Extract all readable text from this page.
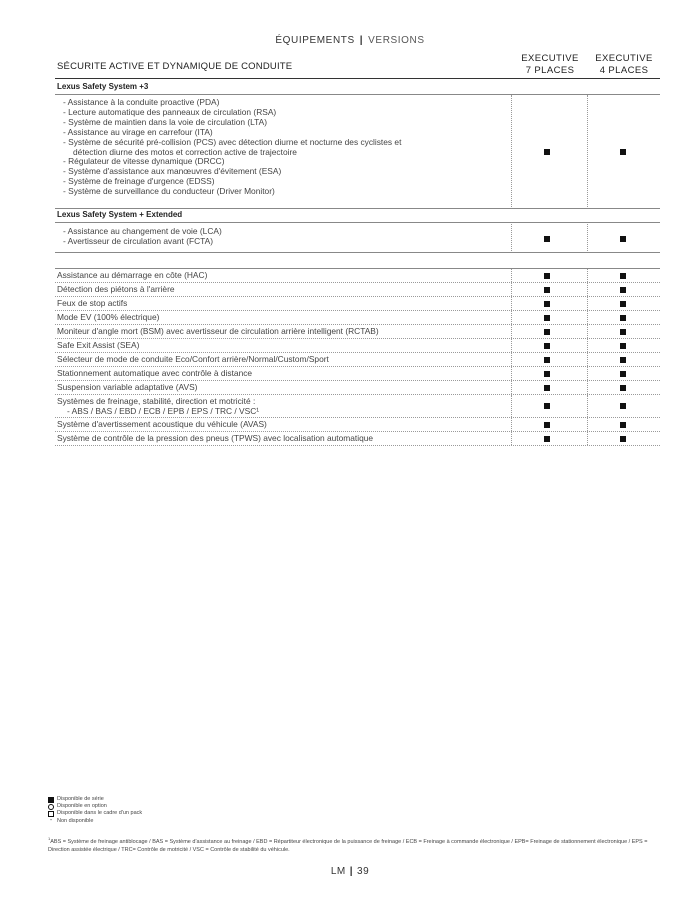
ÉQUIPEMENTS | VERSIONS
SÉCURITE ACTIVE ET DYNAMIQUE DE CONDUITE
EXECUTIVE
7 PLACES
EXECUTIVE
4 PLACES
Lexus Safety System +3
- Assistance à la conduite proactive (PDA)
- Lecture automatique des panneaux de circulation (RSA)
- Système de maintien dans la voie de circulation (LTA)
- Assistance au virage en carrefour (ITA)
- Système de sécurité pré-collision (PCS) avec détection diurne et nocturne des cyclistes et
détection diurne des motos et correction active de trajectoire
- Régulateur de vitesse dynamique (DRCC)
- Système d'assistance aux manœuvres d'évitement (ESA)
- Système de freinage d'urgence (EDSS)
- Système de surveillance du conducteur (Driver Monitor)
Lexus Safety System + Extended
- Assistance au changement de voie (LCA)
- Avertisseur de circulation avant (FCTA)
Assistance au démarrage en côte (HAC)
Détection des piétons à l'arrière
Feux de stop actifs
Mode EV (100% électrique)
Moniteur d'angle mort (BSM) avec avertisseur de circulation arrière intelligent (RCTAB)
Safe Exit Assist (SEA)
Sélecteur de mode de conduite Eco/Confort arrière/Normal/Custom/Sport
Stationnement automatique avec contrôle à distance
Suspension variable adaptative (AVS)
Systèmes de freinage, stabilité, direction et motricité :
- ABS / BAS / EBD / ECB / EPB / EPS / TRC / VSC¹
Système d'avertissement acoustique du véhicule (AVAS)
Système de contrôle de la pression des pneus (TPWS) avec localisation automatique
Disponible de série
Disponible en option
Disponible dans le cadre d'un pack
- Non disponible
$^1$ABS = Système de freinage antiblocage / BAS = Système d'assistance au freinage / EBD = Répartiteur électronique de la puissance de freinage / ECB = Freinage à commande électronique / EPB= Freinage de stationnement électronique / EPS = Direction assistée électrique / TRC= Contrôle de motricité / VSC = Contrôle de stabilité du véhicule.
LM | 39
